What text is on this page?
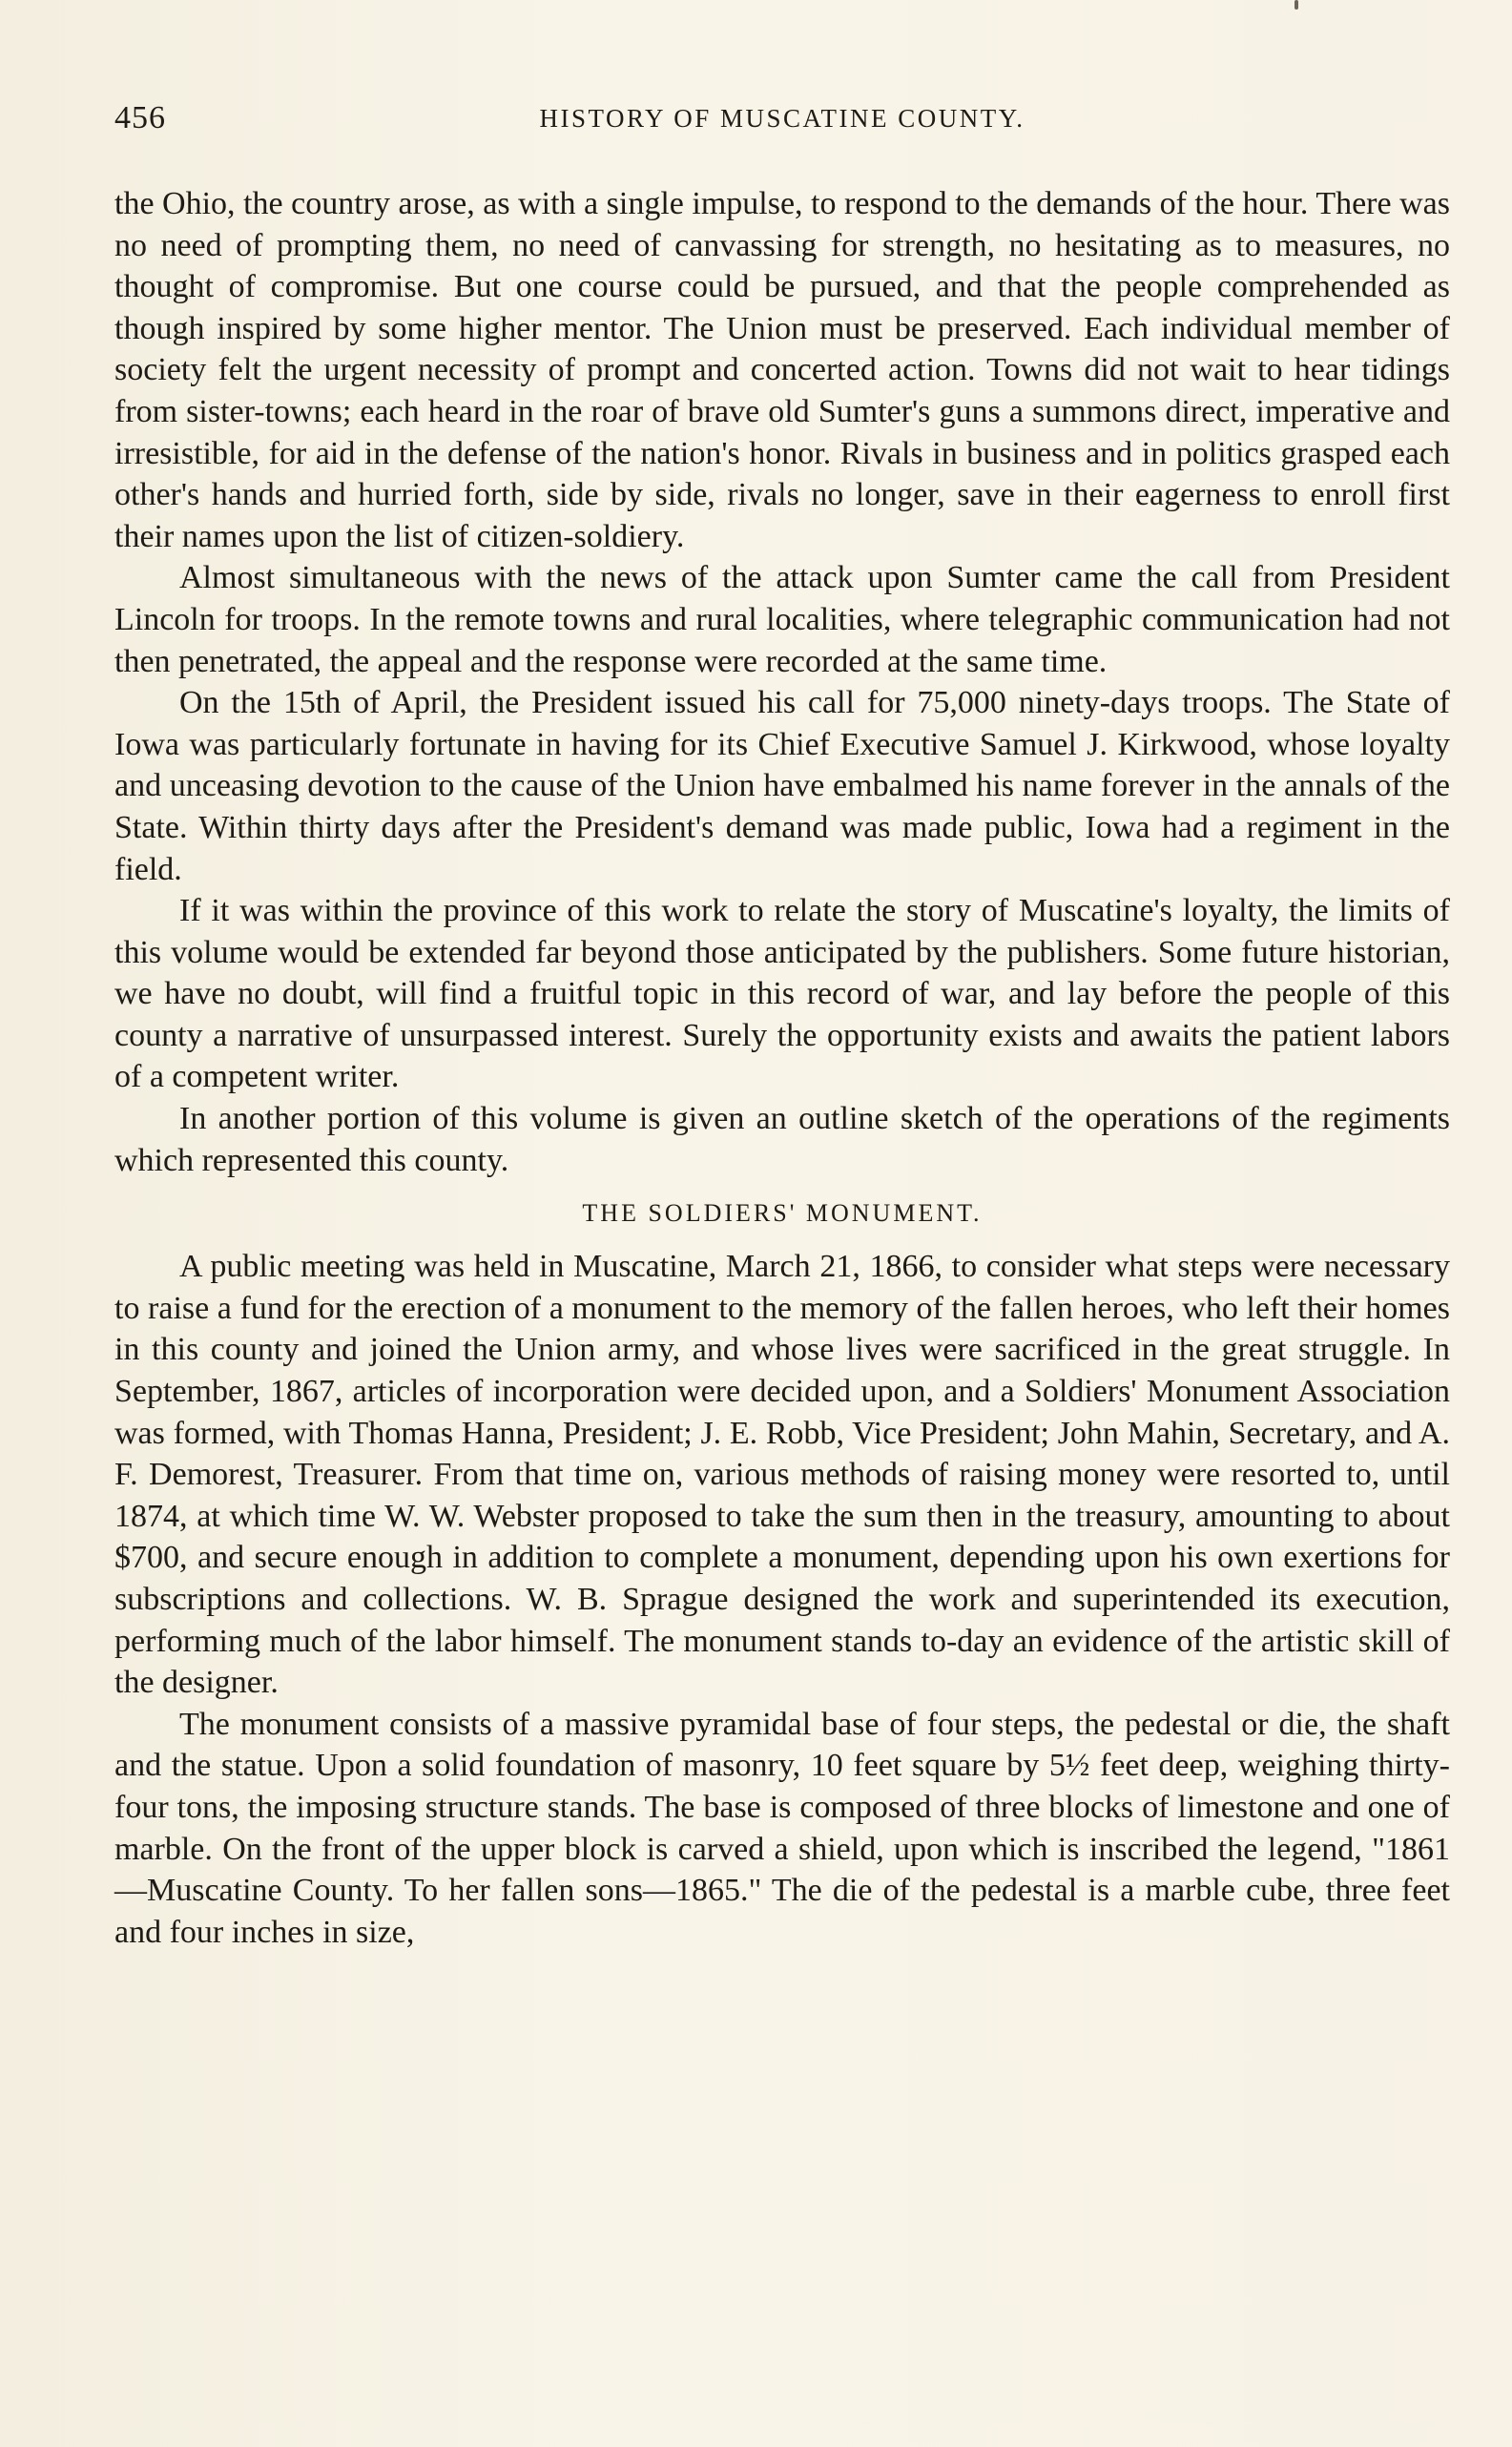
456	HISTORY OF MUSCATINE COUNTY.

the Ohio, the country arose, as with a single impulse, to respond to the demands of the hour. There was no need of prompting them, no need of canvassing for strength, no hesitating as to measures, no thought of compromise. But one course could be pursued, and that the people comprehended as though inspired by some higher mentor. The Union must be preserved. Each individual member of society felt the urgent necessity of prompt and concerted action. Towns did not wait to hear tidings from sister-towns; each heard in the roar of brave old Sumter's guns a summons direct, imperative and irresistible, for aid in the defense of the nation's honor. Rivals in business and in politics grasped each other's hands and hurried forth, side by side, rivals no longer, save in their eagerness to enroll first their names upon the list of citizen-soldiery.

Almost simultaneous with the news of the attack upon Sumter came the call from President Lincoln for troops. In the remote towns and rural localities, where telegraphic communication had not then penetrated, the appeal and the response were recorded at the same time.

On the 15th of April, the President issued his call for 75,000 ninety-days troops. The State of Iowa was particularly fortunate in having for its Chief Executive Samuel J. Kirkwood, whose loyalty and unceasing devotion to the cause of the Union have embalmed his name forever in the annals of the State. Within thirty days after the President's demand was made public, Iowa had a regiment in the field.

If it was within the province of this work to relate the story of Muscatine's loyalty, the limits of this volume would be extended far beyond those anticipated by the publishers. Some future historian, we have no doubt, will find a fruitful topic in this record of war, and lay before the people of this county a narrative of unsurpassed interest. Surely the opportunity exists and awaits the patient labors of a competent writer.

In another portion of this volume is given an outline sketch of the operations of the regiments which represented this county.

THE SOLDIERS' MONUMENT.

A public meeting was held in Muscatine, March 21, 1866, to consider what steps were necessary to raise a fund for the erection of a monument to the memory of the fallen heroes, who left their homes in this county and joined the Union army, and whose lives were sacrificed in the great struggle. In September, 1867, articles of incorporation were decided upon, and a Soldiers' Monument Association was formed, with Thomas Hanna, President; J. E. Robb, Vice President; John Mahin, Secretary, and A. F. Demorest, Treasurer. From that time on, various methods of raising money were resorted to, until 1874, at which time W. W. Webster proposed to take the sum then in the treasury, amounting to about $700, and secure enough in addition to complete a monument, depending upon his own exertions for subscriptions and collections. W. B. Sprague designed the work and superintended its execution, performing much of the labor himself. The monument stands to-day an evidence of the artistic skill of the designer.

The monument consists of a massive pyramidal base of four steps, the pedestal or die, the shaft and the statue. Upon a solid foundation of masonry, 10 feet square by 5½ feet deep, weighing thirty-four tons, the imposing structure stands. The base is composed of three blocks of limestone and one of marble. On the front of the upper block is carved a shield, upon which is inscribed the legend, "1861—Muscatine County. To her fallen sons—1865." The die of the pedestal is a marble cube, three feet and four inches in size,
